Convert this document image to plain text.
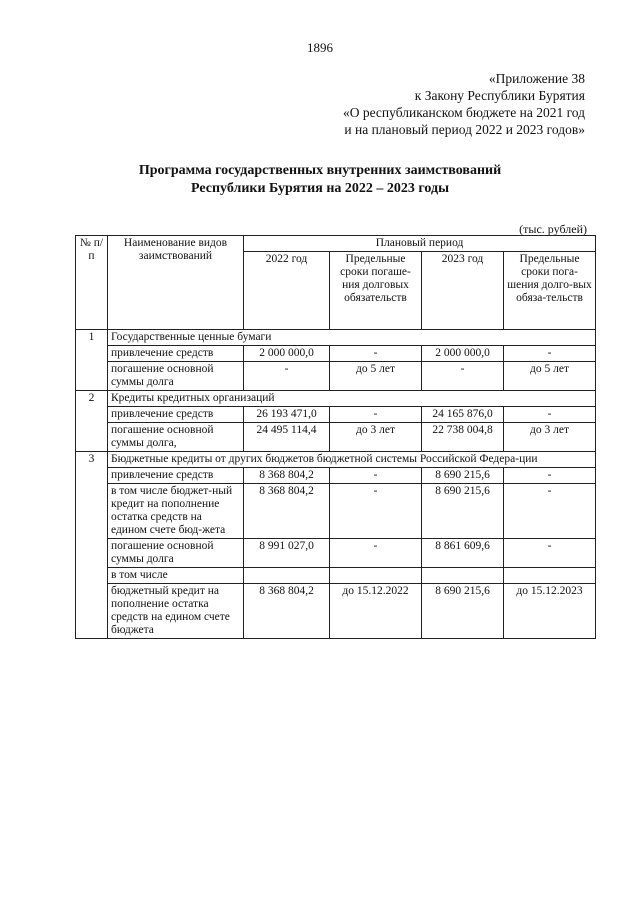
1896
«Приложение 38
к Закону Республики Бурятия
«О республиканском бюджете на 2021 год
и на плановый период 2022 и 2023 годов»
Программа государственных внутренних заимствований
Республики Бурятия на 2022 – 2023 годы
(тыс. рублей)
№ п/п	Наименование видов заимствований	Плановый период			
		2022 год	Предельные сроки погаше-ния долговых обязательств	2023 год	Предельные сроки пога-шения долго-вых обяза-тельств
1	Государственные ценные бумаги				
	привлечение средств	2 000 000,0	-	2 000 000,0	-
	погашение основной суммы долга	-	до 5 лет	-	до 5 лет
2	Кредиты кредитных организаций				
	привлечение средств	26 193 471,0	-	24 165 876,0	-
	погашение основной суммы долга,	24 495 114,4	до 3 лет	22 738 004,8	до 3 лет
3	Бюджетные кредиты от других бюджетов бюджетной системы Российской Федера-ции				
	привлечение средств	8 368 804,2	-	8 690 215,6	-
	в том числе бюджет-ный кредит на пополнение остатка средств на едином счете бюд-жета	8 368 804,2	-	8 690 215,6	-
	погашение основной суммы долга	8 991 027,0	-	8 861 609,6	-
	в том числе				
	бюджетный кредит на пополнение остатка средств на едином счете бюджета	8 368 804,2	до 15.12.2022	8 690 215,6	до 15.12.2023
